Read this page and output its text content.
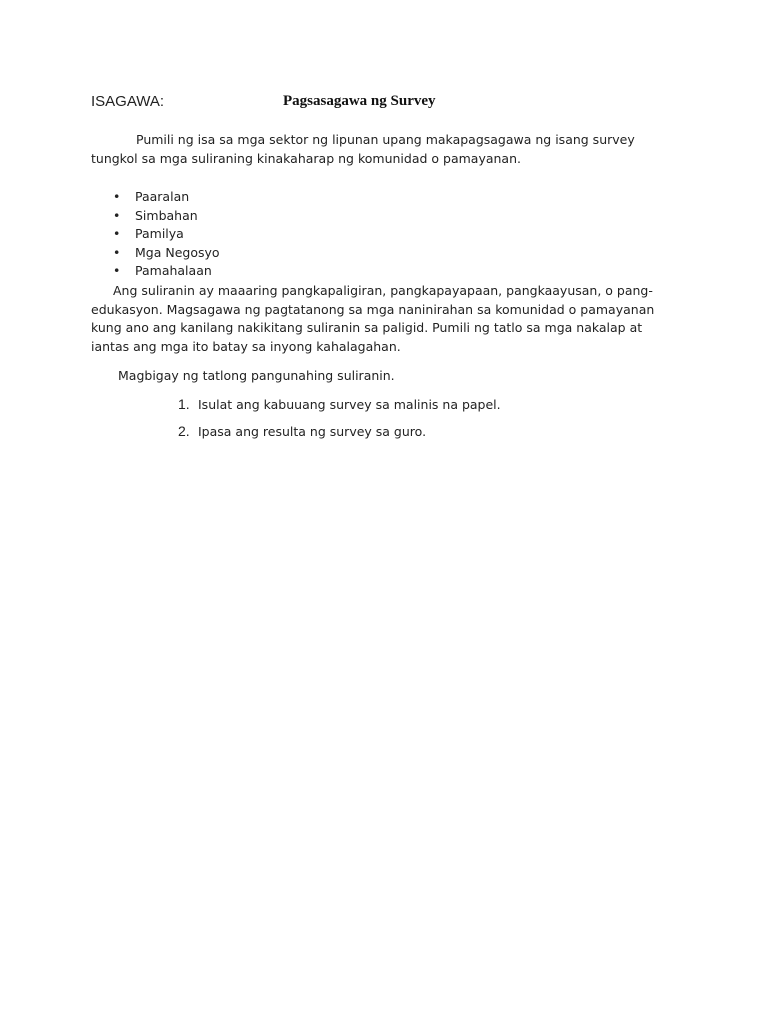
ISAGAWA:	Pagsasagawa ng Survey

Pumili ng isa sa mga sektor ng lipunan upang makapagsagawa ng isang survey tungkol sa mga suliraning kinakaharap ng komunidad o pamayanan.

• Paaralan
• Simbahan
• Pamilya
• Mga Negosyo
• Pamahalaan

Ang suliranin ay maaaring pangkapaligiran, pangkapayapaan, pangkaayusan, o pang-edukasyon. Magsagawa ng pagtatanong sa mga naninirahan sa komunidad o pamayanan kung ano ang kanilang nakikitang suliranin sa paligid. Pumili ng tatlo sa mga nakalap at iantas ang mga ito batay sa inyong kahalagahan.

Magbigay ng tatlong pangunahing suliranin.

1. Isulat ang kabuuang survey sa malinis na papel.
2. Ipasa ang resulta ng survey sa guro.
